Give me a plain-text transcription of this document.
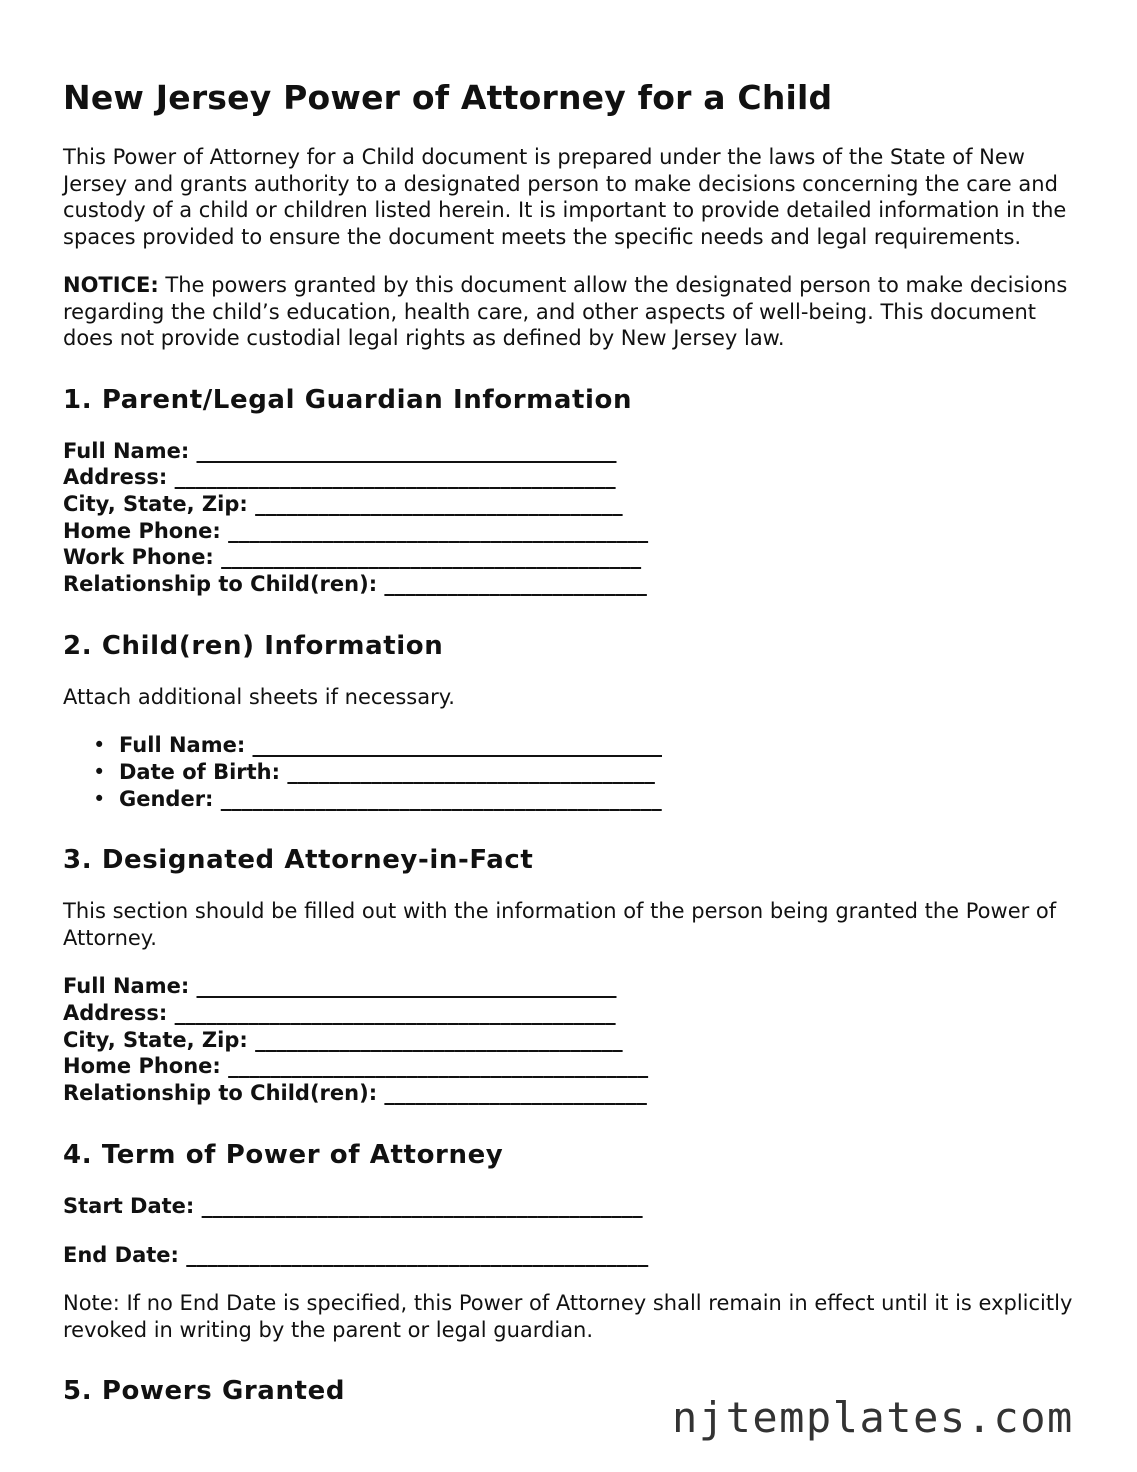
New Jersey Power of Attorney for a Child

This Power of Attorney for a Child document is prepared under the laws of the State of New Jersey and grants authority to a designated person to make decisions concerning the care and custody of a child or children listed herein. It is important to provide detailed information in the spaces provided to ensure the document meets the specific needs and legal requirements.

NOTICE: The powers granted by this document allow the designated person to make decisions regarding the child’s education, health care, and other aspects of well-being. This document does not provide custodial legal rights as defined by New Jersey law.

1. Parent/Legal Guardian Information
Full Name: ________________________________________
Address: __________________________________________
City, State, Zip: ___________________________________
Home Phone: ________________________________________
Work Phone: ________________________________________
Relationship to Child(ren): _________________________
2. Child(ren) Information

Attach additional sheets if necessary.

• Full Name: _______________________________________
• Date of Birth: ___________________________________
• Gender: __________________________________________
3. Designated Attorney-in-Fact

This section should be filled out with the information of the person being granted the Power of Attorney.

Full Name: ________________________________________
Address: __________________________________________
City, State, Zip: ___________________________________
Home Phone: ________________________________________
Relationship to Child(ren): _________________________
4. Term of Power of Attorney
Start Date: __________________________________________
End Date: ____________________________________________

Note: If no End Date is specified, this Power of Attorney shall remain in effect until it is explicitly revoked in writing by the parent or legal guardian.

5. Powers Granted
njtemplates.com
